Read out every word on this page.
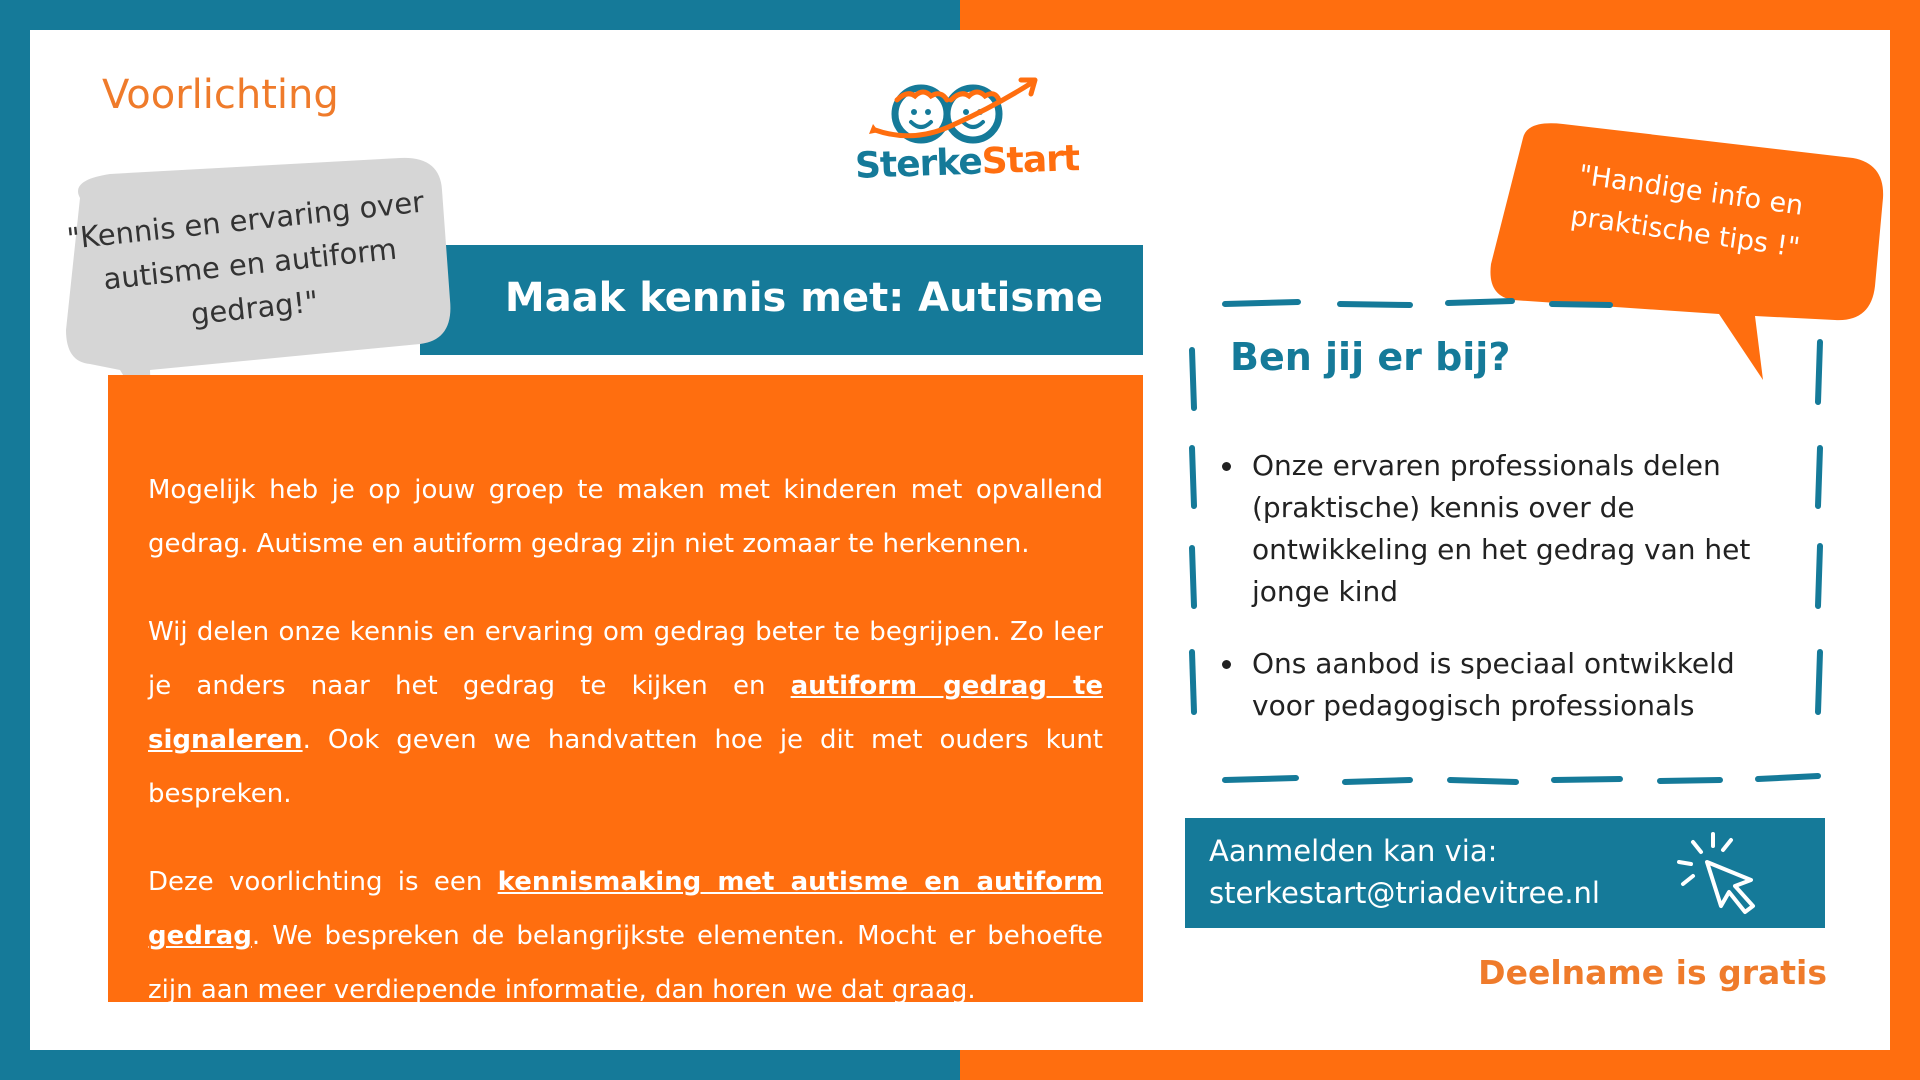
Voorlichting
SterkeStart
Maak kennis met: Autisme
"Kennis en ervaring over autisme en autiform gedrag!"

Mogelijk heb je op jouw groep te maken met kinderen met opvallend gedrag. Autisme en autiform gedrag zijn niet zomaar te herkennen.

Wij delen onze kennis en ervaring om gedrag beter te begrijpen. Zo leer je anders naar het gedrag te kijken en autiform gedrag te signaleren. Ook geven we handvatten hoe je dit met ouders kunt bespreken.

Deze voorlichting is een kennismaking met autisme en autiform gedrag. We bespreken de belangrijkste elementen. Mocht er behoefte zijn aan meer verdiepende informatie, dan horen we dat graag.

"Handige info en praktische tips !"
Ben jij er bij?
Onze ervaren professionals delen (praktische) kennis over de ontwikkeling en het gedrag van het jonge kind
Ons aanbod is speciaal ontwikkeld voor pedagogisch professionals
Aanmelden kan via:
sterkestart@triadevitree.nl
Deelname is gratis
